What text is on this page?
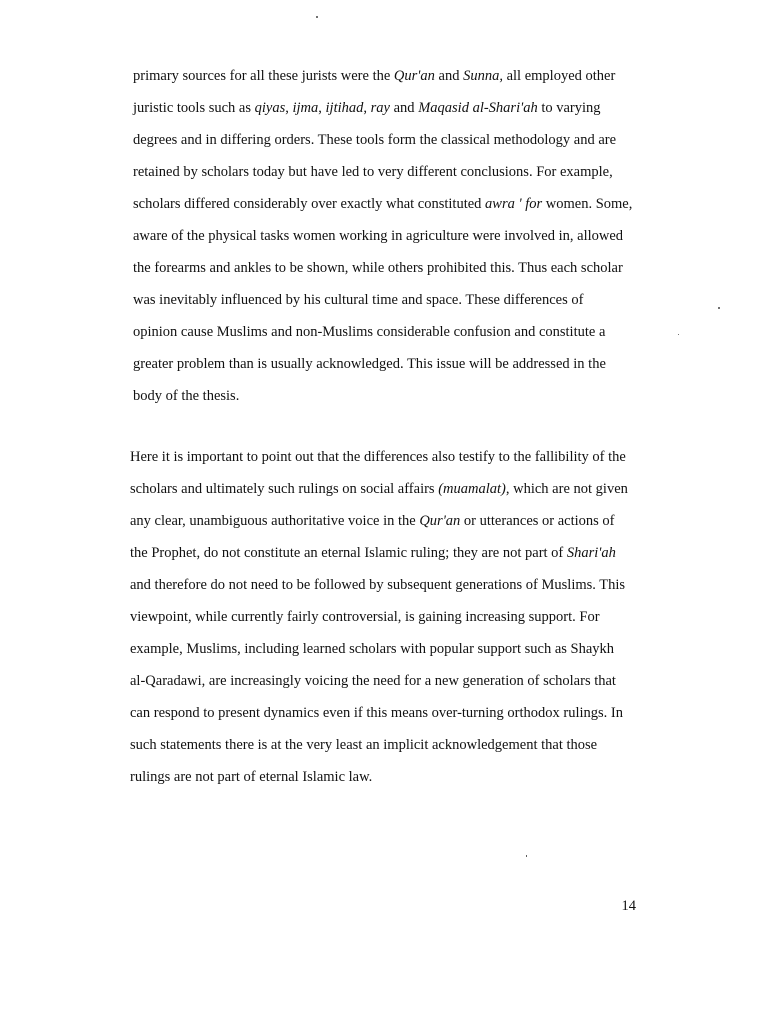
primary sources for all these jurists were the Qur'an and Sunna, all employed other
juristic tools such as qiyas, ijma, ijtihad, ray and Maqasid al-Shari'ah to varying
degrees and in differing orders. These tools form the classical methodology and are
retained by scholars today but have led to very different conclusions. For example,
scholars differed considerably over exactly what constituted awra ' for women. Some,
aware of the physical tasks women working in agriculture were involved in, allowed
the forearms and ankles to be shown, while others prohibited this. Thus each scholar
was inevitably influenced by his cultural time and space. These differences of
opinion cause Muslims and non-Muslims considerable confusion and constitute a
greater problem than is usually acknowledged. This issue will be addressed in the
body of the thesis.
Here it is important to point out that the differences also testify to the fallibility of the
scholars and ultimately such rulings on social affairs (muamalat), which are not given
any clear, unambiguous authoritative voice in the Qur'an or utterances or actions of
the Prophet, do not constitute an eternal Islamic ruling; they are not part of Shari'ah
and therefore do not need to be followed by subsequent generations of Muslims. This
viewpoint, while currently fairly controversial, is gaining increasing support. For
example, Muslims, including learned scholars with popular support such as Shaykh
al-Qaradawi, are increasingly voicing the need for a new generation of scholars that
can respond to present dynamics even if this means over-turning orthodox rulings. In
such statements there is at the very least an implicit acknowledgement that those
rulings are not part of eternal Islamic law.
14
